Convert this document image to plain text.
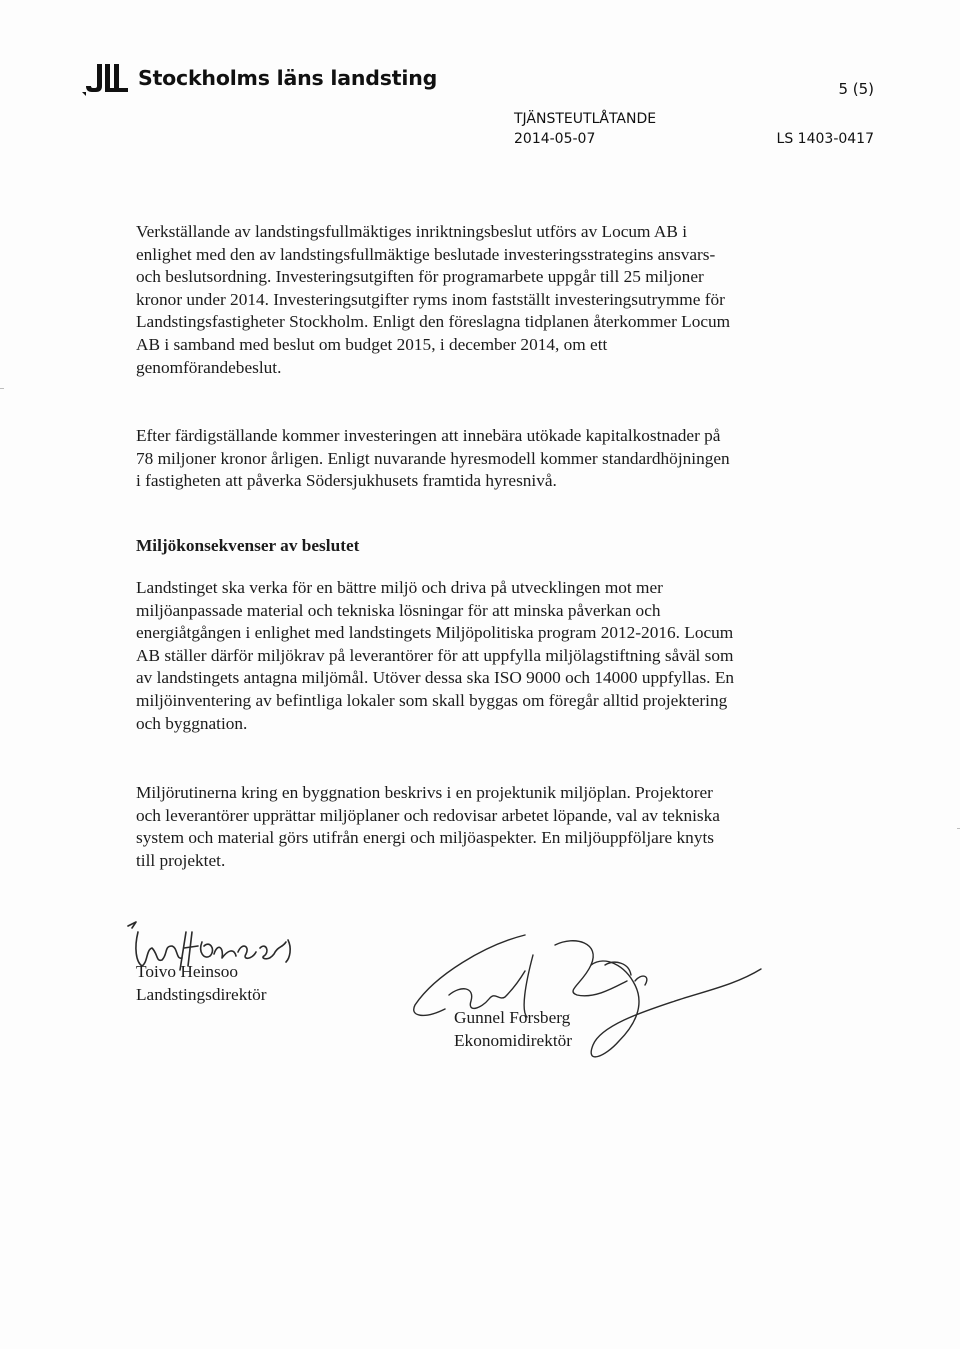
Stockholms läns landsting	5 (5)
TJÄNSTEUTLÅTANDE
2014-05-07	LS 1403-0417

Verkställande av landstingsfullmäktiges inriktningsbeslut utförs av Locum AB i enlighet med den av landstingsfullmäktige beslutade investeringsstrategins ansvars- och beslutsordning. Investeringsutgiften för programarbete uppgår till 25 miljoner kronor under 2014. Investeringsutgifter ryms inom fastställt investeringsutrymme för Landstingsfastigheter Stockholm. Enligt den föreslagna tidplanen återkommer Locum AB i samband med beslut om budget 2015, i december 2014, om ett genomförandebeslut.

Efter färdigställande kommer investeringen att innebära utökade kapitalkostnader på 78 miljoner kronor årligen. Enligt nuvarande hyresmodell kommer standardhöjningen i fastigheten att påverka Södersjukhusets framtida hyresnivå.

Miljökonsekvenser av beslutet

Landstinget ska verka för en bättre miljö och driva på utvecklingen mot mer miljöanpassade material och tekniska lösningar för att minska påverkan och energiåtgången i enlighet med landstingets Miljöpolitiska program 2012-2016. Locum AB ställer därför miljökrav på leverantörer för att uppfylla miljölagstiftning såväl som av landstingets antagna miljömål. Utöver dessa ska ISO 9000 och 14000 uppfyllas. En miljöinventering av befintliga lokaler som skall byggas om föregår alltid projektering och byggnation.

Miljörutinerna kring en byggnation beskrivs i en projektunik miljöplan. Projektorer och leverantörer upprättar miljöplaner och redovisar arbetet löpande, val av tekniska system och material görs utifrån energi och miljöaspekter. En miljöuppföljare knyts till projektet.

Toivo Heinsoo
Landstingsdirektör
Gunnel Forsberg
Ekonomidirektör
